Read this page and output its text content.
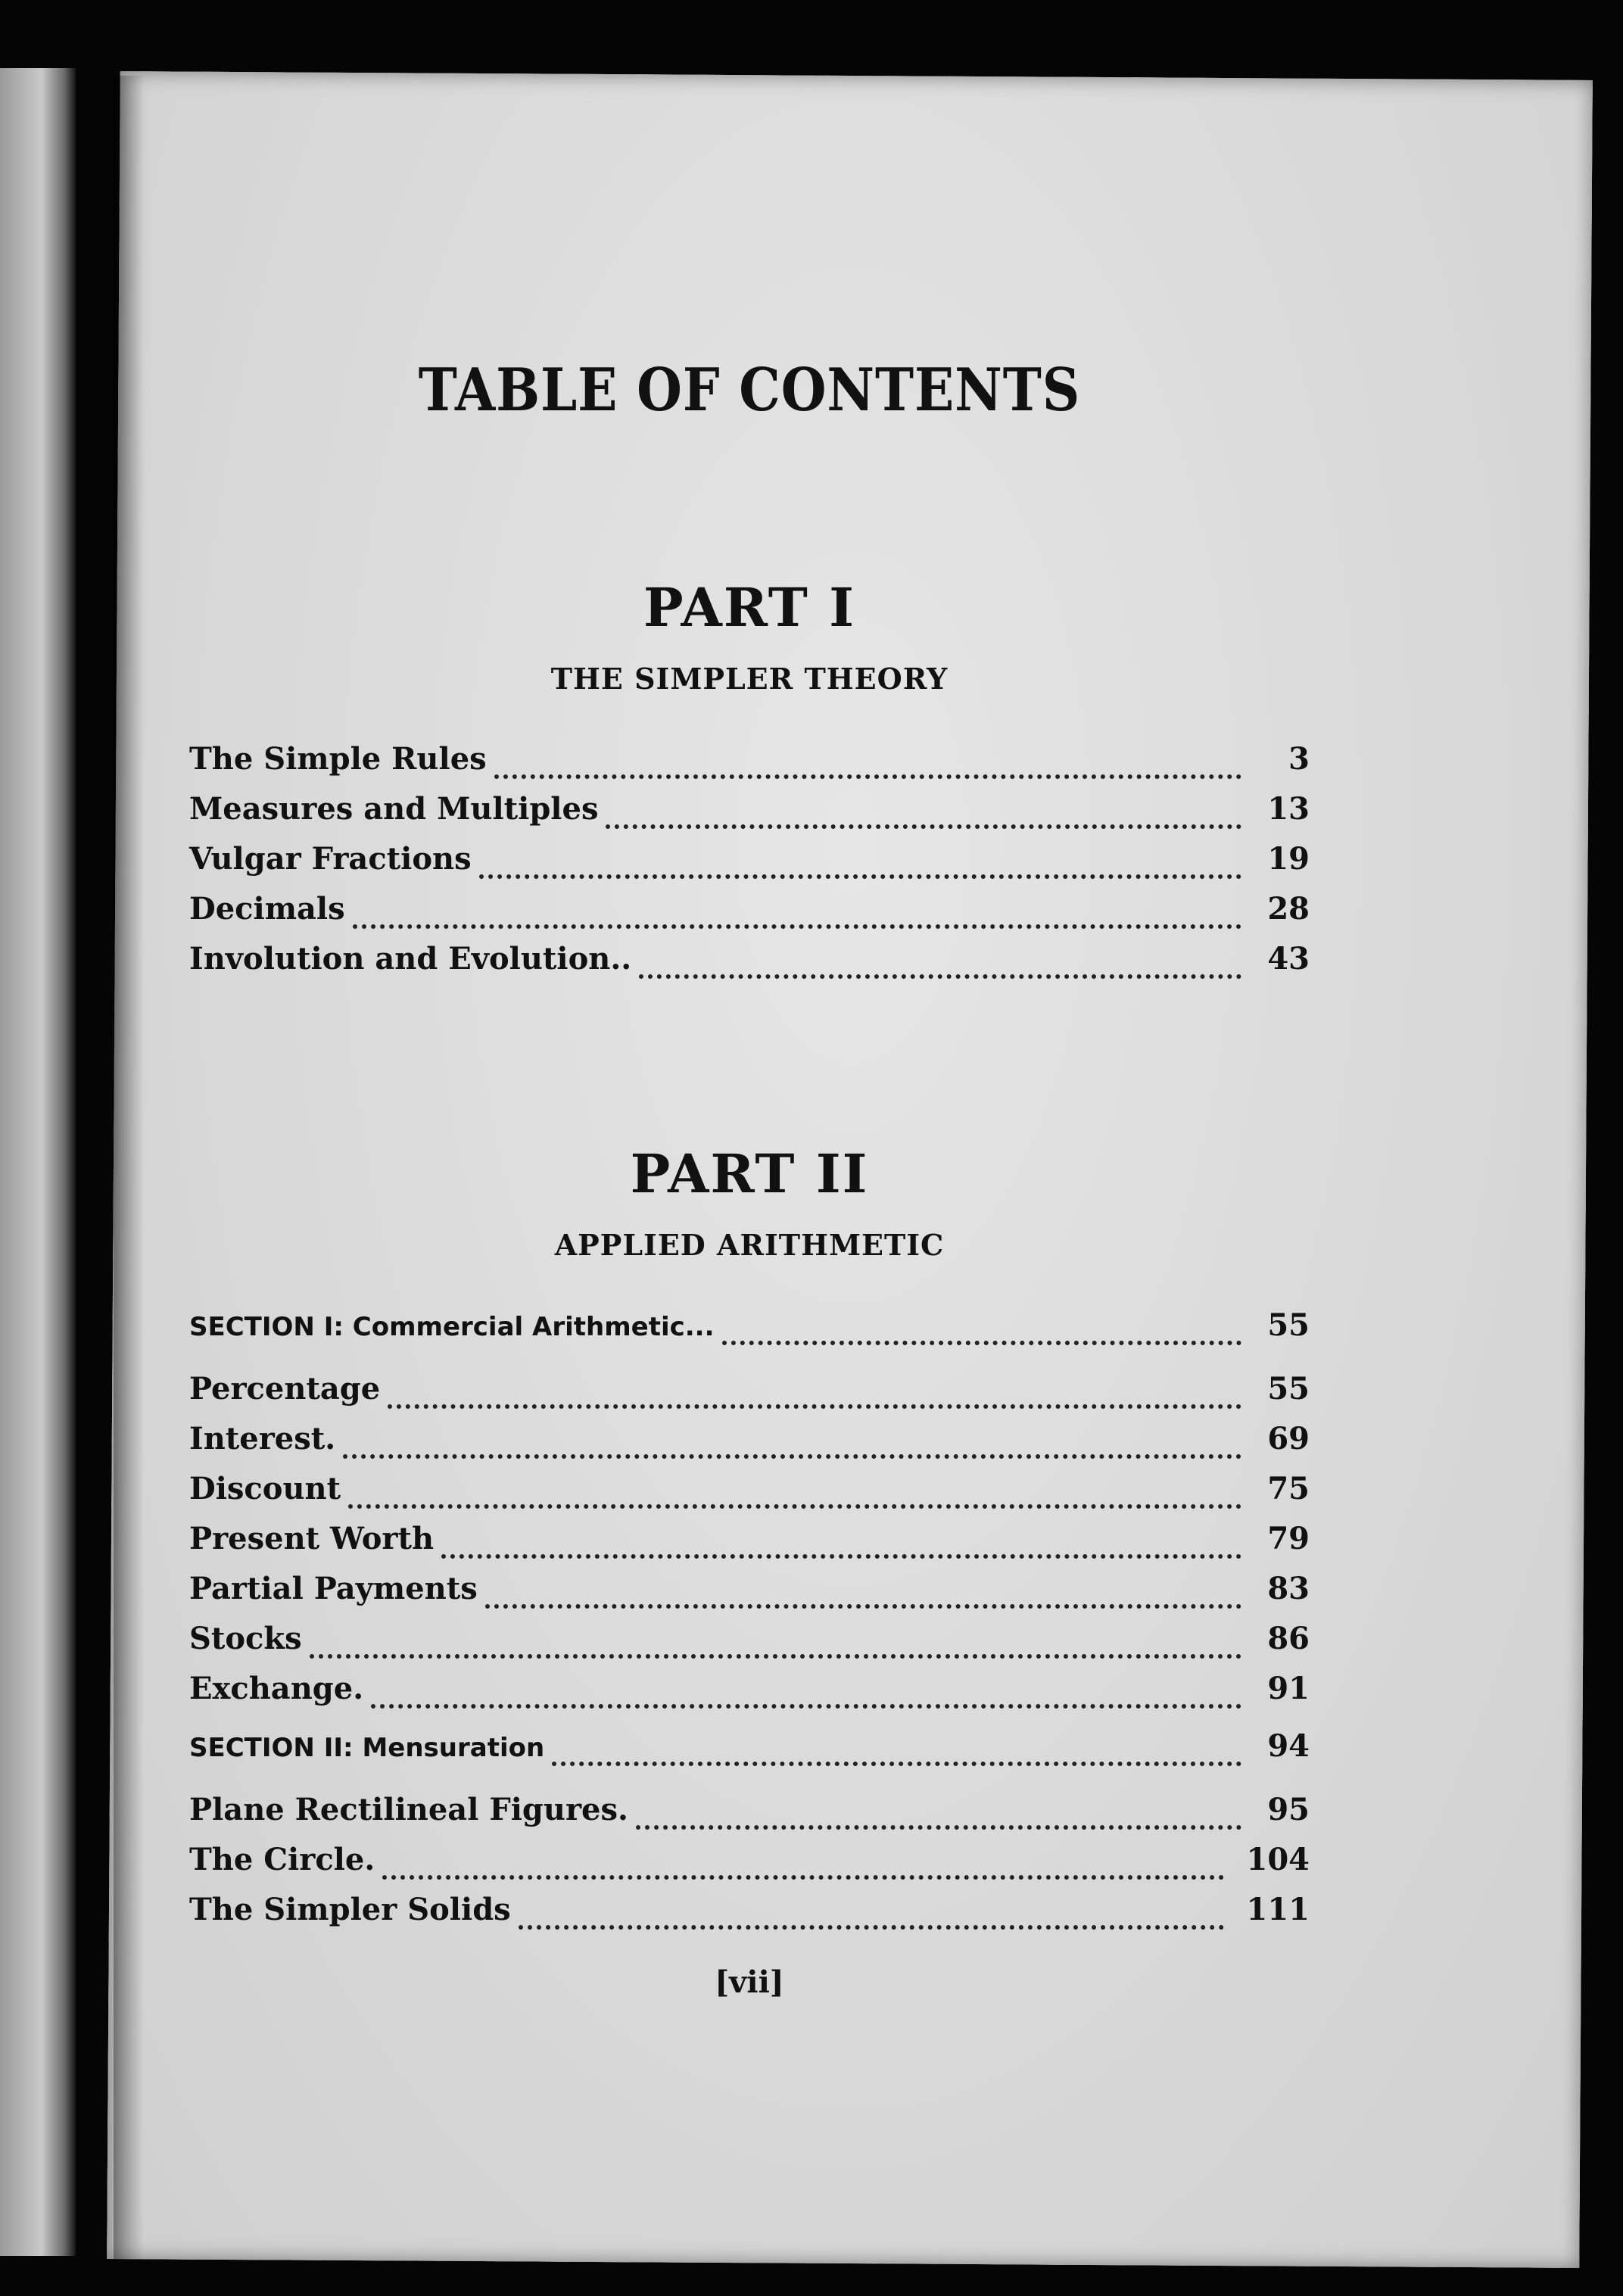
TABLE OF CONTENTS
PART I
THE SIMPLER THEORY
The Simple Rules	3
Measures and Multiples	13
Vulgar Fractions	19
Decimals	28
Involution and Evolution..	43
PART II
APPLIED ARITHMETIC
SECTION I: Commercial Arithmetic...	55
Percentage	55
Interest.	69
Discount	75
Present Worth	79
Partial Payments	83
Stocks	86
Exchange.	91
SECTION II: Mensuration	94
Plane Rectilineal Figures.	95
The Circle.	104
The Simpler Solids	111
[vii]
